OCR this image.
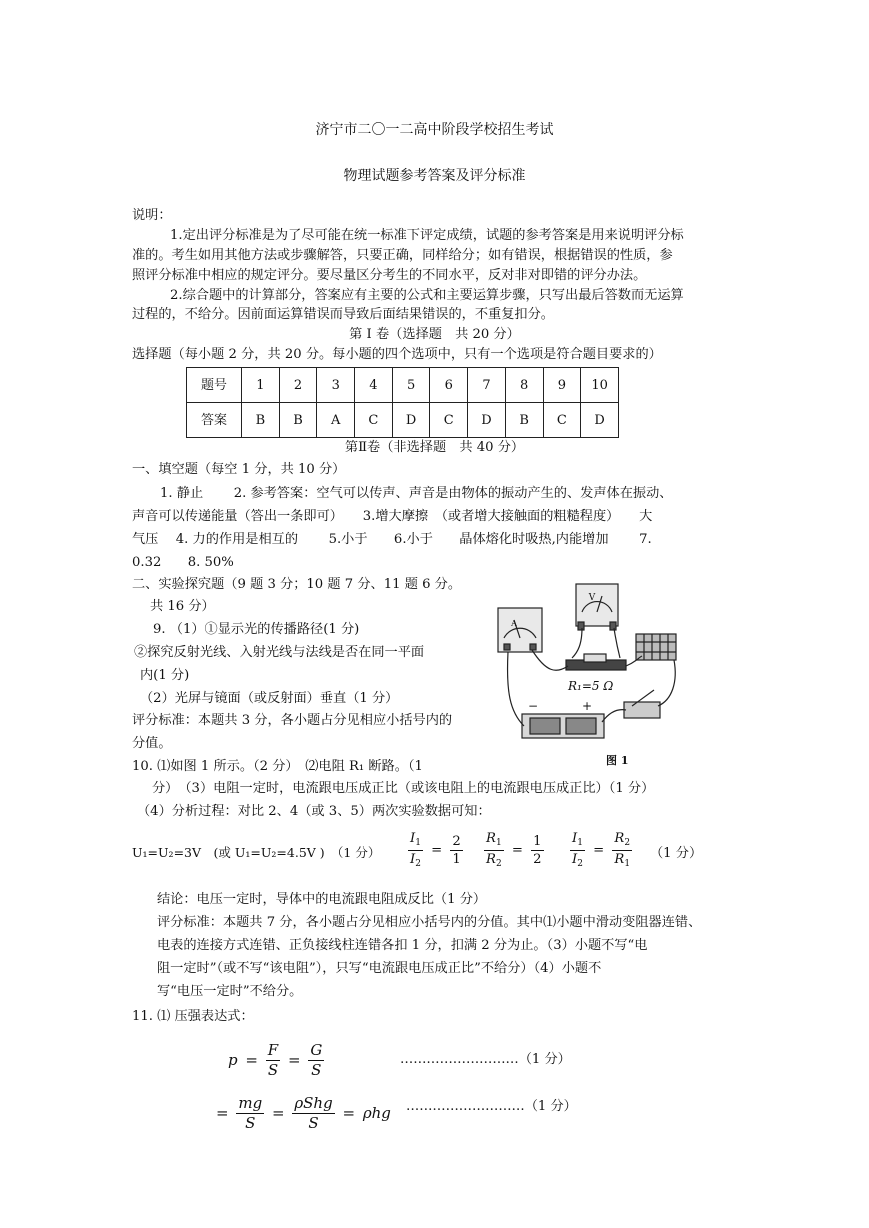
济宁市二〇一二高中阶段学校招生考试
物理试题参考答案及评分标准
说明：
1.定出评分标准是为了尽可能在统一标准下评定成绩，试题的参考答案是用来说明评分标
准的。考生如用其他方法或步骤解答，只要正确，同样给分；如有错误，根据错误的性质，参
照评分标准中相应的规定评分。要尽量区分考生的不同水平，反对非对即错的评分办法。
2.综合题中的计算部分，答案应有主要的公式和主要运算步骤，只写出最后答数而无运算
过程的，不给分。因前面运算错误而导致后面结果错误的，不重复扣分。
第 I 卷（选择题　共 20 分）
选择题（每小题 2 分，共 20 分。每小题的四个选项中，只有一个选项是符合题目要求的）
题号	1	2	3	4	5	6	7	8	9	10
答案	B	B	A	C	D	C	D	B	C	D
第Ⅱ卷（非选择题　共 40 分）
一、填空题（每空 1 分，共 10 分）
1. 静止　　 2. 参考答案：空气可以传声、声音是由物体的振动产生的、发声体在振动、
声音可以传递能量（答出一条即可）　　3.增大摩擦　（或者增大接触面的粗糙程度）　　大
气压　 4. 力的作用是相互的　　 5.小于　　6.小于　　晶体熔化时吸热,内能增加　　 7.
0.32　　8. 50%
二、实验探究题（9 题 3 分；10 题 7 分、11 题 6 分。
共 16 分）
9. （1）①显示光的传播路径(1 分)
②探究反射光线、入射光线与法线是否在同一平面
内(1 分)
（2）光屏与镜面（或反射面）垂直（1 分）
评分标准：本题共 3 分，各小题占分见相应小括号内的
分值。
V
A
R₁=5 Ω
−	+
图 1
10. ⑴如图 1 所示。（2 分）　⑵电阻 R₁ 断路。（1
分）　（3）电阻一定时，电流跟电压成正比（或该电阻上的电流跟电压成正比）（1 分）
（4）分析过程：对比 2、4（或 3、5）两次实验数据可知：
U₁=U₂=3V　(或 U₁=U₂=4.5V )　（1 分） $\frac{I_1}{I_2} = \frac{2}{1} \frac{R_1}{R_2} = \frac{1}{2} \frac{I_1}{I_2} = \frac{R_2}{R_1} (1$ 分）
结论：电压一定时，导体中的电流跟电阻成反比（1 分）
评分标准：本题共 7 分，各小题占分见相应小括号内的分值。其中⑴小题中滑动变阻器连错、
电表的连接方式连错、正负接线柱连错各扣 1 分，扣满 2 分为止。（3）小题不写“电
阻一定时”（或不写“该电阻”），只写“电流跟电压成正比”不给分）（4）小题不
写“电压一定时”不给分。
11. ⑴ 压强表达式：
$p = \frac{F}{S} = \frac{G}{S}$	………………………（1 分）
= $\frac{mg}{S} = \frac{\text{ρShg}}{S} = \rho hg$ ………………………（1 分）
